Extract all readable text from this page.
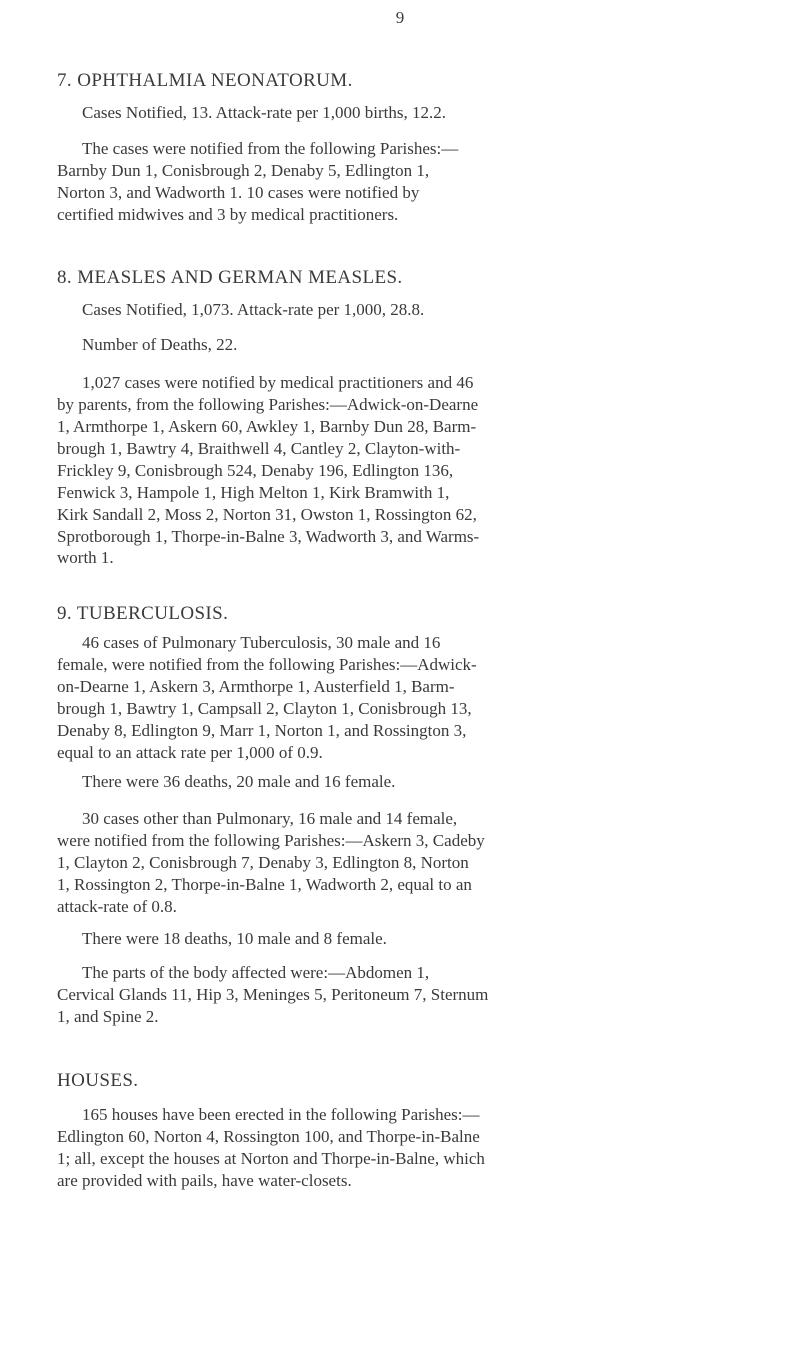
9
7. OPHTHALMIA NEONATORUM.
Cases Notified, 13. Attack-rate per 1,000 births, 12.2.
The cases were notified from the following Parishes:—
Barnby Dun 1, Conisbrough 2, Denaby 5, Edlington 1,
Norton 3, and Wadworth 1. 10 cases were notified by
certified midwives and 3 by medical practitioners.
8. MEASLES AND GERMAN MEASLES.
Cases Notified, 1,073. Attack-rate per 1,000, 28.8.
Number of Deaths, 22.
1,027 cases were notified by medical practitioners and 46
by parents, from the following Parishes:—Adwick-on-Dearne
1, Armthorpe 1, Askern 60, Awkley 1, Barnby Dun 28, Barm-
brough 1, Bawtry 4, Braithwell 4, Cantley 2, Clayton-with-
Frickley 9, Conisbrough 524, Denaby 196, Edlington 136,
Fenwick 3, Hampole 1, High Melton 1, Kirk Bramwith 1,
Kirk Sandall 2, Moss 2, Norton 31, Owston 1, Rossington 62,
Sprotborough 1, Thorpe-in-Balne 3, Wadworth 3, and Warms-
worth 1.
9. TUBERCULOSIS.
46 cases of Pulmonary Tuberculosis, 30 male and 16
female, were notified from the following Parishes:—Adwick-
on-Dearne 1, Askern 3, Armthorpe 1, Austerfield 1, Barm-
brough 1, Bawtry 1, Campsall 2, Clayton 1, Conisbrough 13,
Denaby 8, Edlington 9, Marr 1, Norton 1, and Rossington 3,
equal to an attack rate per 1,000 of 0.9.
There were 36 deaths, 20 male and 16 female.
30 cases other than Pulmonary, 16 male and 14 female,
were notified from the following Parishes:—Askern 3, Cadeby
1, Clayton 2, Conisbrough 7, Denaby 3, Edlington 8, Norton
1, Rossington 2, Thorpe-in-Balne 1, Wadworth 2, equal to an
attack-rate of 0.8.
There were 18 deaths, 10 male and 8 female.
The parts of the body affected were:—Abdomen 1,
Cervical Glands 11, Hip 3, Meninges 5, Peritoneum 7, Sternum
1, and Spine 2.
HOUSES.
165 houses have been erected in the following Parishes:—
Edlington 60, Norton 4, Rossington 100, and Thorpe-in-Balne
1; all, except the houses at Norton and Thorpe-in-Balne, which
are provided with pails, have water-closets.
